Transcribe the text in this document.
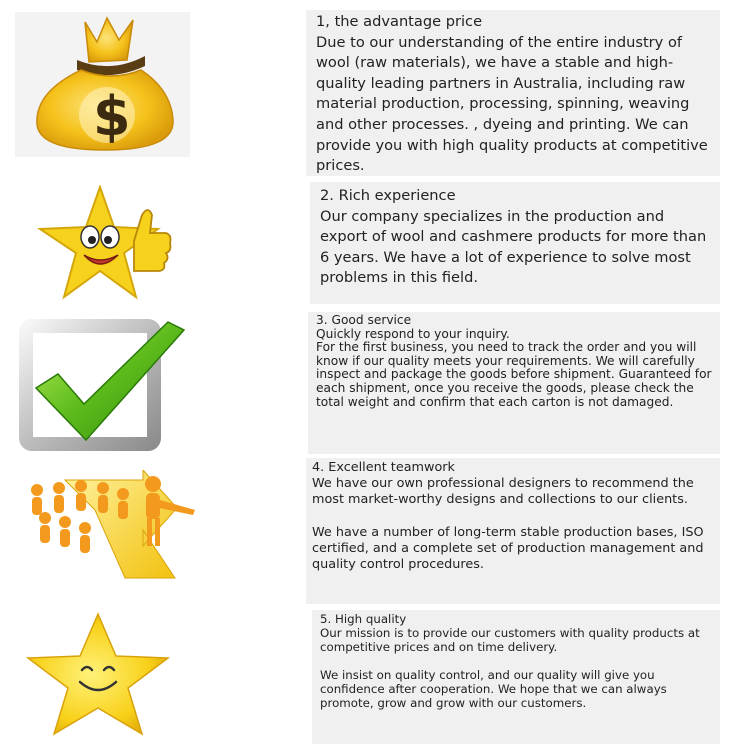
$
1, the advantage price
Due to our understanding of the entire industry of wool (raw materials), we have a stable and high-quality leading partners in Australia, including raw material production, processing, spinning, weaving and other processes. , dyeing and printing. We can provide you with high quality products at competitive prices.
2. Rich experience
Our company specializes in the production and export of wool and cashmere products for more than 6 years. We have a lot of experience to solve most problems in this field.
3. Good service
Quickly respond to your inquiry.
For the first business, you need to track the order and you will know if our quality meets your requirements. We will carefully inspect and package the goods before shipment. Guaranteed for each shipment, once you receive the goods, please check the total weight and confirm that each carton is not damaged.
4. Excellent teamwork
We have our own professional designers to recommend the most market-worthy designs and collections to our clients.
We have a number of long-term stable production bases, ISO certified, and a complete set of production management and quality control procedures.
5. High quality
Our mission is to provide our customers with quality products at competitive prices and on time delivery.
We insist on quality control, and our quality will give you confidence after cooperation. We hope that we can always promote, grow and grow with our customers.
